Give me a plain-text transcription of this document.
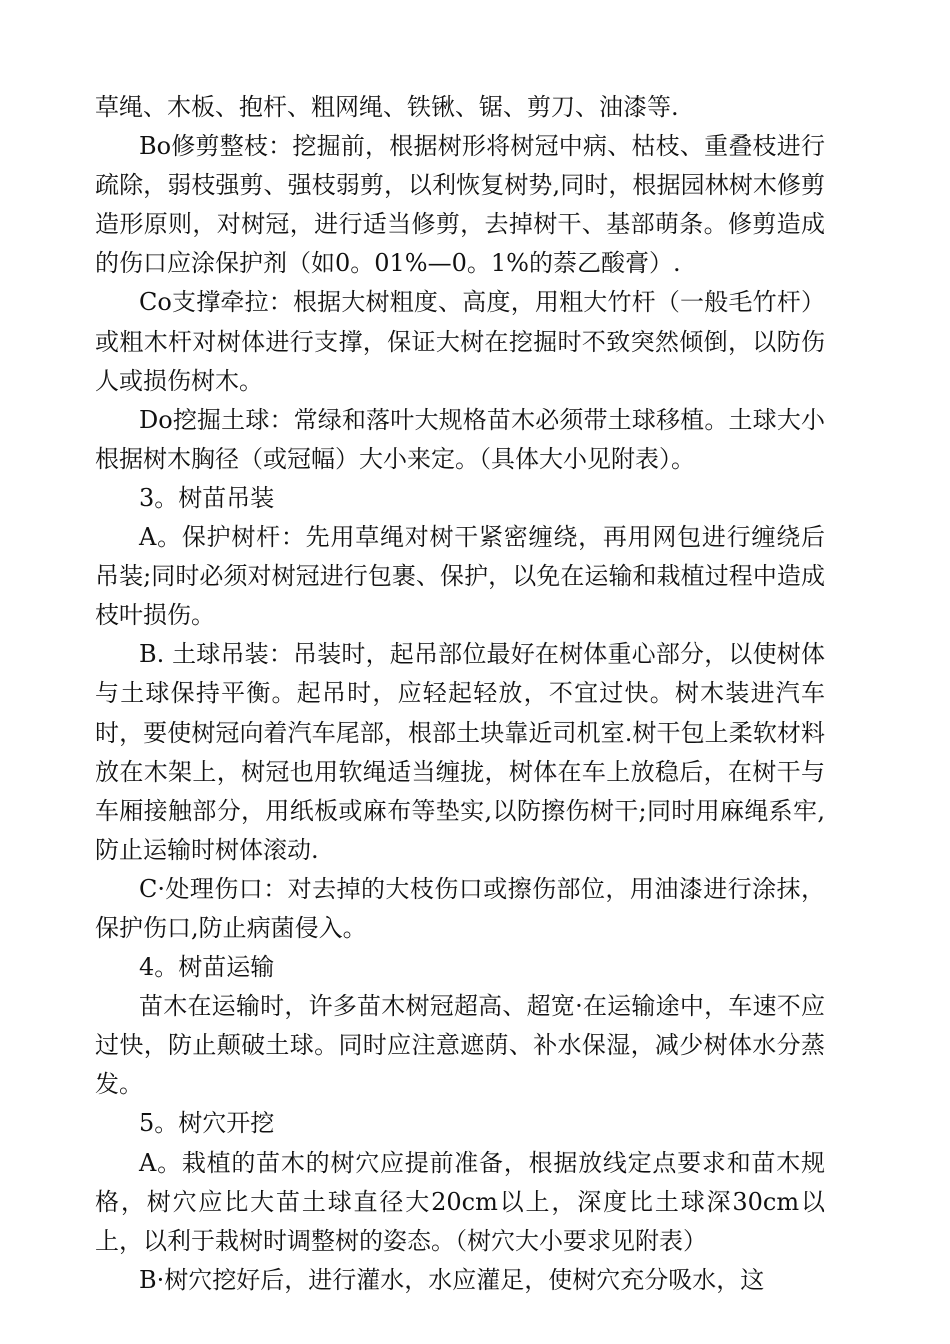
草绳、木板、抱杆、粗网绳、铁锹、锯、剪刀、油漆等.

Bo修剪整枝：挖掘前，根据树形将树冠中病、枯枝、重叠枝进行疏除，弱枝强剪、强枝弱剪，以利恢复树势,同时，根据园林树木修剪造形原则，对树冠，进行适当修剪，去掉树干、基部萌条。修剪造成的伤口应涂保护剂（如0。01%—0。1%的萘乙酸膏）.

Co支撑牵拉：根据大树粗度、高度，用粗大竹杆（一般毛竹杆）或粗木杆对树体进行支撑，保证大树在挖掘时不致突然倾倒，以防伤人或损伤树木。

Do挖掘土球：常绿和落叶大规格苗木必须带土球移植。土球大小根据树木胸径（或冠幅）大小来定。（具体大小见附表）。

3。树苗吊装

A。保护树杆：先用草绳对树干紧密缠绕，再用网包进行缠绕后吊装;同时必须对树冠进行包裹、保护，以免在运输和栽植过程中造成枝叶损伤。

B. 土球吊装：吊装时，起吊部位最好在树体重心部分，以使树体与土球保持平衡。起吊时，应轻起轻放，不宜过快。树木装进汽车时，要使树冠向着汽车尾部，根部土块靠近司机室.树干包上柔软材料放在木架上，树冠也用软绳适当缠拢，树体在车上放稳后，在树干与车厢接触部分，用纸板或麻布等垫实,以防擦伤树干;同时用麻绳系牢,防止运输时树体滚动.

C·处理伤口：对去掉的大枝伤口或擦伤部位，用油漆进行涂抹，保护伤口,防止病菌侵入。

4。树苗运输

苗木在运输时，许多苗木树冠超高、超宽·在运输途中，车速不应过快，防止颠破土球。同时应注意遮荫、补水保湿，减少树体水分蒸发。

5。树穴开挖

A。栽植的苗木的树穴应提前准备，根据放线定点要求和苗木规格，树穴应比大苗土球直径大20cm以上，深度比土球深30cm以上，以利于栽树时调整树的姿态。（树穴大小要求见附表）

B·树穴挖好后，进行灌水，水应灌足，使树穴充分吸水，这
